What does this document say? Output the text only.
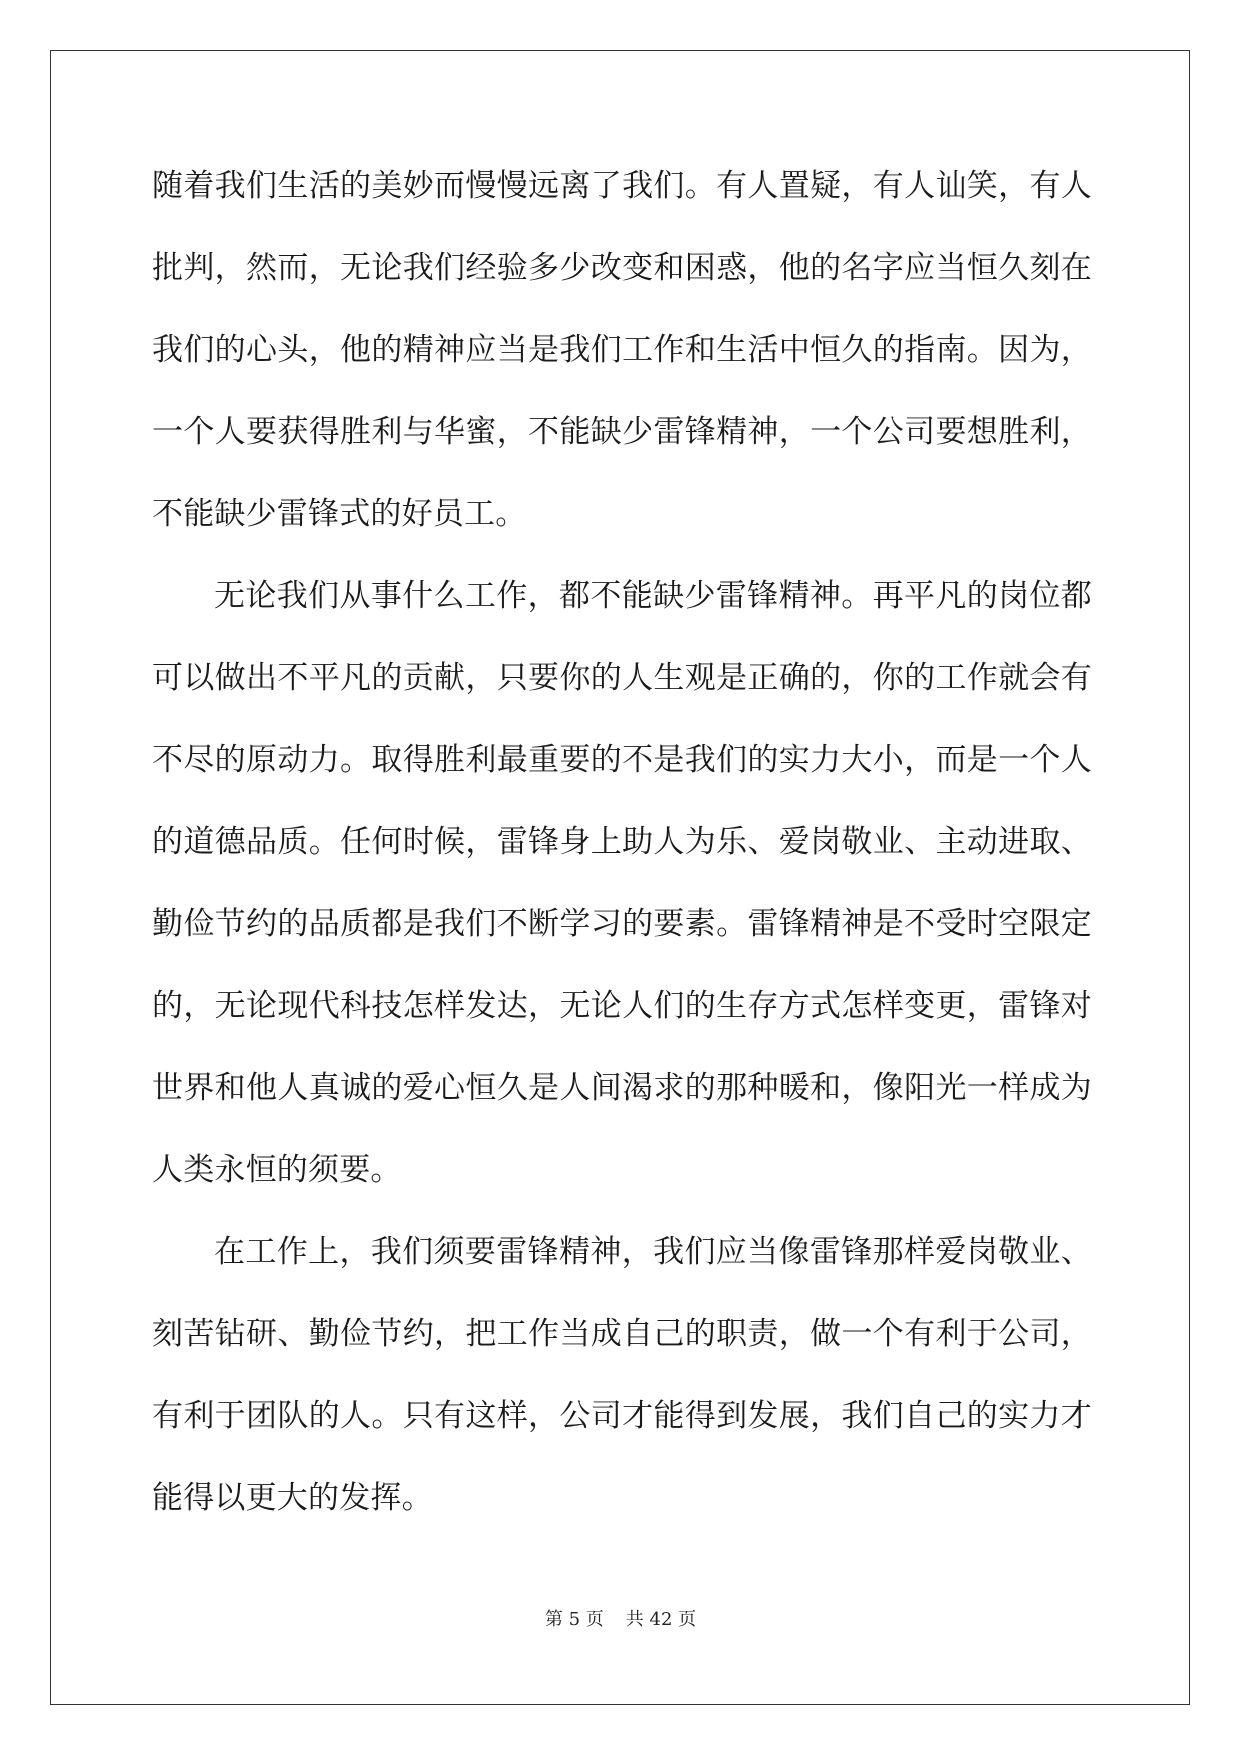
随着我们生活的美妙而慢慢远离了我们。有人置疑，有人讪笑，有人
批判，然而，无论我们经验多少改变和困惑，他的名字应当恒久刻在
我们的心头，他的精神应当是我们工作和生活中恒久的指南。因为，
一个人要获得胜利与华蜜，不能缺少雷锋精神，一个公司要想胜利，
不能缺少雷锋式的好员工。
无论我们从事什么工作，都不能缺少雷锋精神。再平凡的岗位都
可以做出不平凡的贡献，只要你的人生观是正确的，你的工作就会有
不尽的原动力。取得胜利最重要的不是我们的实力大小，而是一个人
的道德品质。任何时候，雷锋身上助人为乐、爱岗敬业、主动进取、
勤俭节约的品质都是我们不断学习的要素。雷锋精神是不受时空限定
的，无论现代科技怎样发达，无论人们的生存方式怎样变更，雷锋对
世界和他人真诚的爱心恒久是人间渴求的那种暖和，像阳光一样成为
人类永恒的须要。
在工作上，我们须要雷锋精神，我们应当像雷锋那样爱岗敬业、
刻苦钻研、勤俭节约，把工作当成自己的职责，做一个有利于公司，
有利于团队的人。只有这样，公司才能得到发展，我们自己的实力才
能得以更大的发挥。
第 5 页 共 42 页
